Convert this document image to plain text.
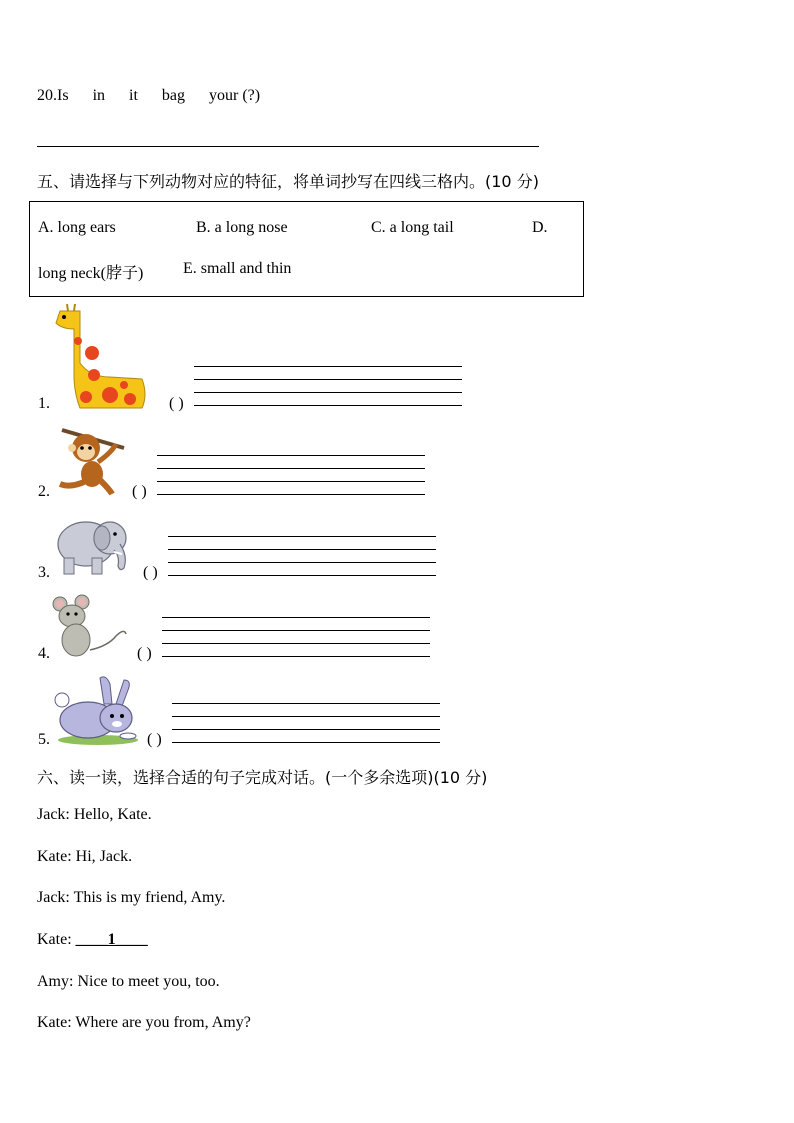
20.Is in it bag your (?)
五、请选择与下列动物对应的特征，将单词抄写在四线三格内。(10 分)
A. long ears	B. a long nose	C. a long tail	D.
long neck(脖子) E. small and thin
1.	( )
2.	( )
3.	( )
4.	( )
5.	( )
六、读一读，选择合适的句子完成对话。(一个多余选项)(10 分)
Jack: Hello, Kate.
Kate: Hi, Jack.
Jack: This is my friend, Amy.
Kate: ____1____
Amy: Nice to meet you, too.
Kate: Where are you from, Amy?
